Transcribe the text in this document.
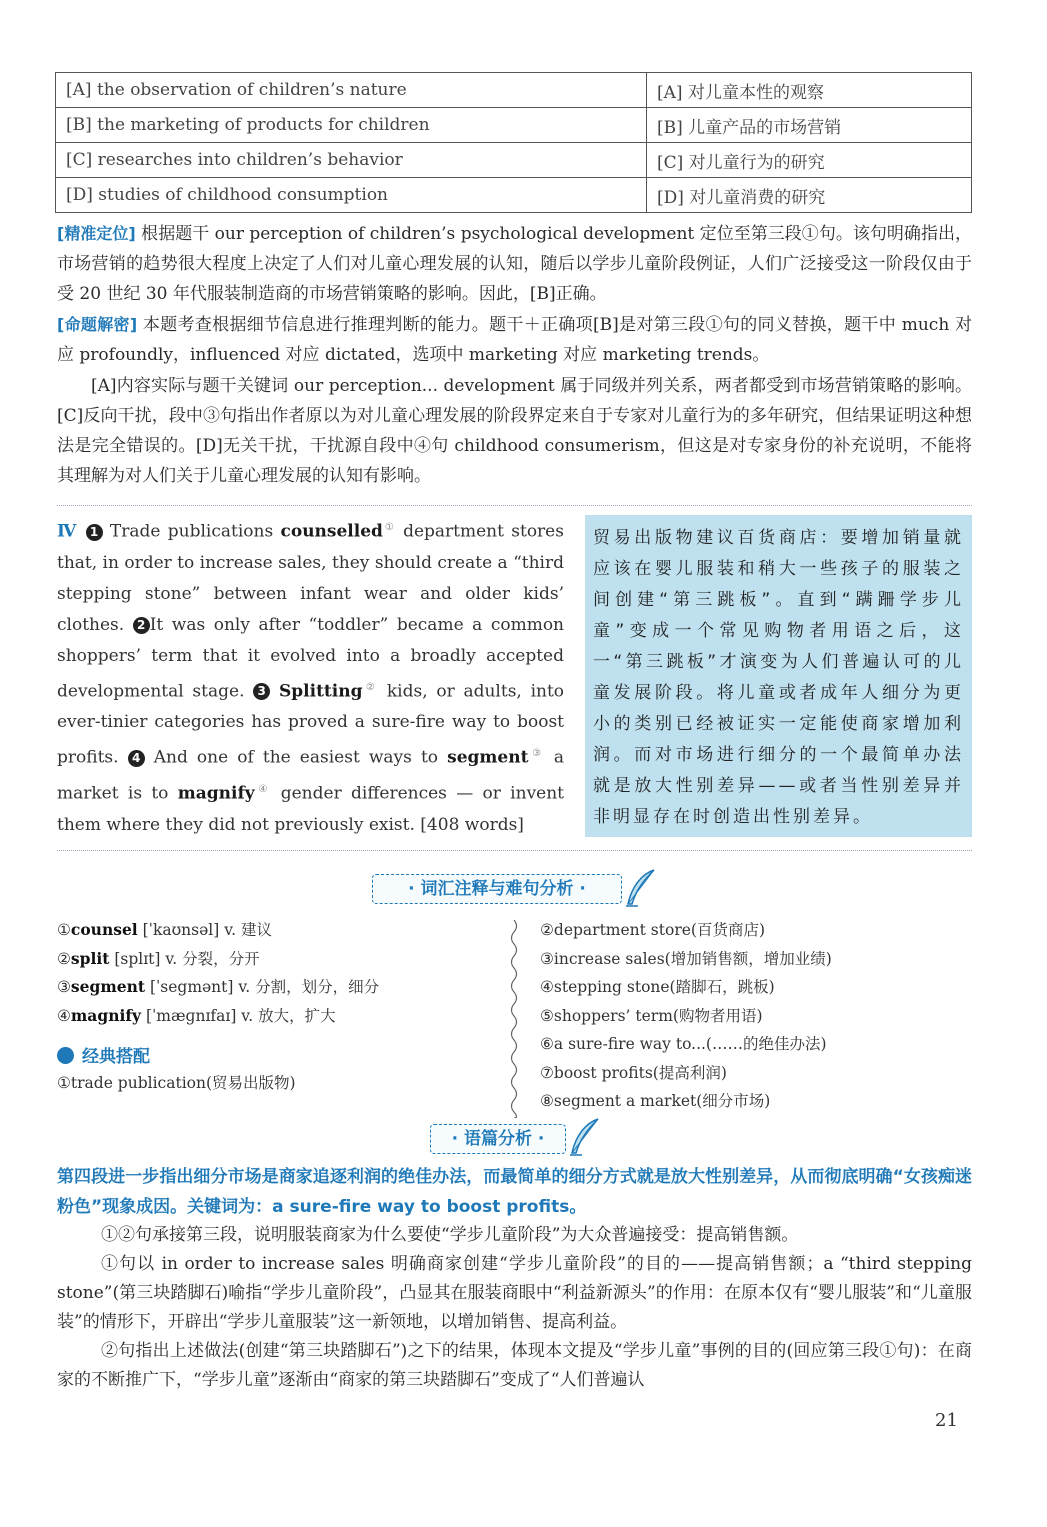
[A] the observation of children’s nature	[A] 对儿童本性的观察
[B] the marketing of products for children	[B] 儿童产品的市场营销
[C] researches into children’s behavior	[C] 对儿童行为的研究
[D] studies of childhood consumption	[D] 对儿童消费的研究
[精准定位] 根据题干 our perception of children’s psychological development 定位至第三段①句。该句明确指出，市场营销的趋势很大程度上决定了人们对儿童心理发展的认知，随后以学步儿童阶段例证，人们广泛接受这一阶段仅由于受 20 世纪 30 年代服装制造商的市场营销策略的影响。因此，[B]正确。
[命题解密] 本题考查根据细节信息进行推理判断的能力。题干＋正确项[B]是对第三段①句的同义替换，题干中 much 对应 profoundly，influenced 对应 dictated，选项中 marketing 对应 marketing trends。
[A]内容实际与题干关键词 our perception... development 属于同级并列关系，两者都受到市场营销策略的影响。[C]反向干扰，段中③句指出作者原以为对儿童心理发展的阶段界定来自于专家对儿童行为的多年研究，但结果证明这种想法是完全错误的。[D]无关干扰，干扰源自段中④句 childhood consumerism，但这是对专家身份的补充说明，不能将其理解为对人们关于儿童心理发展的认知有影响。
Ⅳ 1 Trade publications counselled① department stores that, in order to increase sales, they should create a “third stepping stone” between infant wear and older kids’ clothes. 2 It was only after “toddler” became a common shoppers’ term that it evolved into a broadly accepted developmental stage. 3 Splitting② kids, or adults, into ever-tinier categories has proved a sure-fire way to boost profits. 4 And one of the easiest ways to segment③ a market is to magnify④ gender differences — or invent them where they did not previously exist. [408 words]
贸易出版物建议百货商店：要增加销量就应该在婴儿服装和稍大一些孩子的服装之间创建“第三跳板”。直到“蹒跚学步儿童”变成一个常见购物者用语之后，这一“第三跳板”才演变为人们普遍认可的儿童发展阶段。将儿童或者成年人细分为更小的类别已经被证实一定能使商家增加利润。而对市场进行细分的一个最简单办法就是放大性别差异——或者当性别差异并非明显存在时创造出性别差异。
· 词汇注释与难句分析 ·
①counsel [ˈkaʊnsəl] v. 建议
②split [splɪt] v. 分裂，分开
③segment [ˈsegmənt] v. 分割，划分，细分
④magnify [ˈmæɡnɪfaɪ] v. 放大，扩大
经典搭配
①trade publication(贸易出版物)
②department store(百货商店)
③increase sales(增加销售额，增加业绩)
④stepping stone(踏脚石，跳板)
⑤shoppers’ term(购物者用语)
⑥a sure-fire way to...(……的绝佳办法)
⑦boost profits(提高利润)
⑧segment a market(细分市场)
· 语篇分析 ·
第四段进一步指出细分市场是商家追逐利润的绝佳办法，而最简单的细分方式就是放大性别差异，从而彻底明确“女孩痴迷粉色”现象成因。关键词为：a sure-fire way to boost profits。
①②句承接第三段，说明服装商家为什么要使“学步儿童阶段”为大众普遍接受：提高销售额。
①句以 in order to increase sales 明确商家创建“学步儿童阶段”的目的——提高销售额；a “third stepping stone”(第三块踏脚石)喻指“学步儿童阶段”，凸显其在服装商眼中“利益新源头”的作用：在原本仅有“婴儿服装”和“儿童服装”的情形下，开辟出“学步儿童服装”这一新领地，以增加销售、提高利益。
②句指出上述做法(创建“第三块踏脚石”)之下的结果，体现本文提及“学步儿童”事例的目的(回应第三段①句)：在商家的不断推广下，“学步儿童”逐渐由“商家的第三块踏脚石”变成了“人们普遍认
21
